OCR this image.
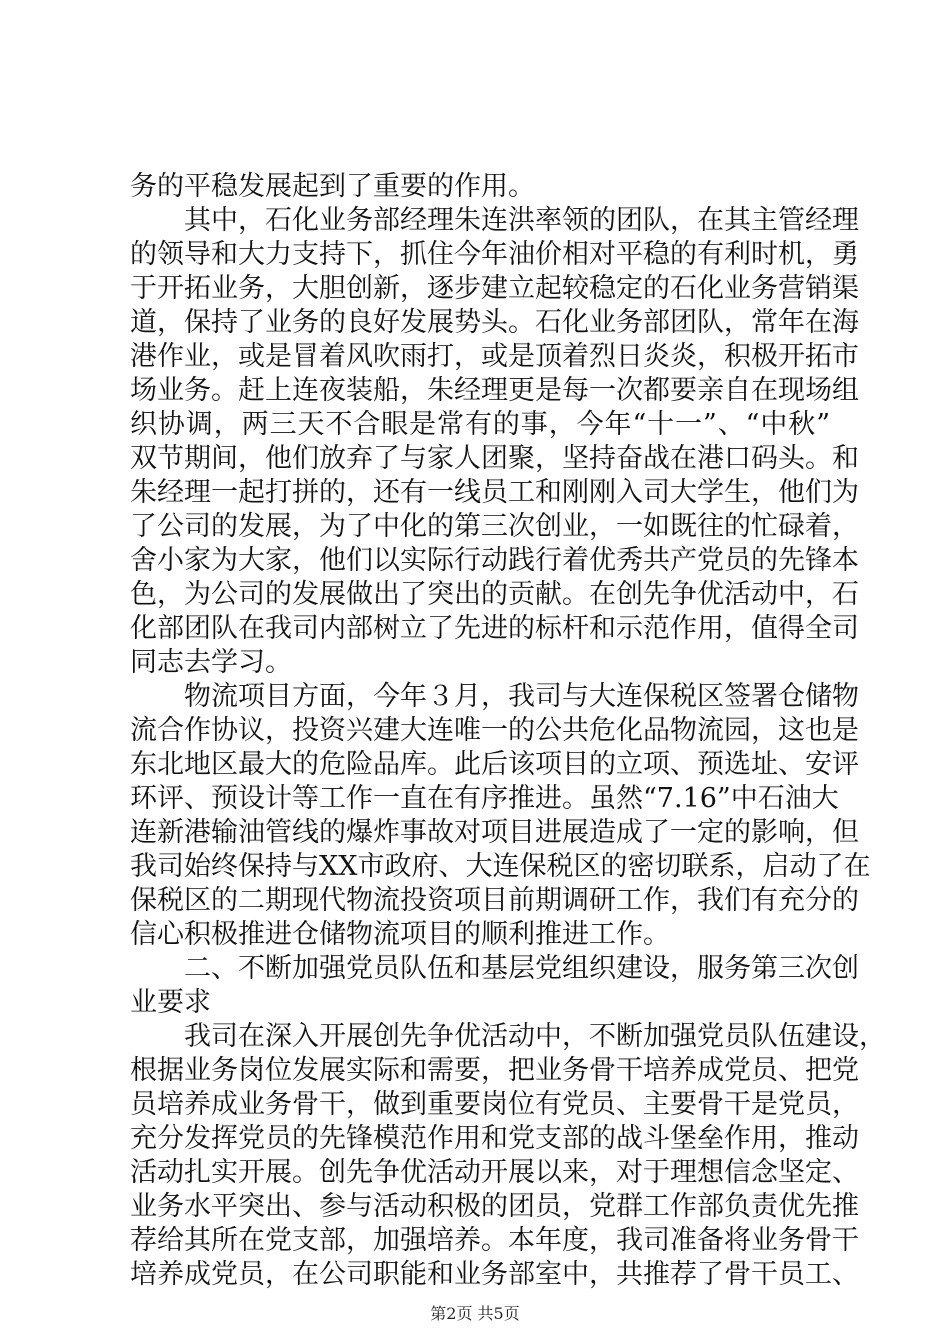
务的平稳发展起到了重要的作用。
　　其中，石化业务部经理朱连洪率领的团队，在其主管经理
的领导和大力支持下，抓住今年油价相对平稳的有利时机，勇
于开拓业务，大胆创新，逐步建立起较稳定的石化业务营销渠
道，保持了业务的良好发展势头。石化业务部团队，常年在海
港作业，或是冒着风吹雨打，或是顶着烈日炎炎，积极开拓市
场业务。赶上连夜装船，朱经理更是每一次都要亲自在现场组
织协调，两三天不合眼是常有的事，今年“十一”、“中秋”
双节期间，他们放弃了与家人团聚，坚持奋战在港口码头。和
朱经理一起打拼的，还有一线员工和刚刚入司大学生，他们为
了公司的发展，为了中化的第三次创业，一如既往的忙碌着，
舍小家为大家，他们以实际行动践行着优秀共产党员的先锋本
色，为公司的发展做出了突出的贡献。在创先争优活动中，石
化部团队在我司内部树立了先进的标杆和示范作用，值得全司
同志去学习。
　　物流项目方面，今年３月，我司与大连保税区签署仓储物
流合作协议，投资兴建大连唯一的公共危化品物流园，这也是
东北地区最大的危险品库。此后该项目的立项、预选址、安评
环评、预设计等工作一直在有序推进。虽然“7.16”中石油大
连新港输油管线的爆炸事故对项目进展造成了一定的影响，但
我司始终保持与XX市政府、大连保税区的密切联系，启动了在
保税区的二期现代物流投资项目前期调研工作，我们有充分的
信心积极推进仓储物流项目的顺利推进工作。
　　二、不断加强党员队伍和基层党组织建设，服务第三次创
业要求
　　我司在深入开展创先争优活动中，不断加强党员队伍建设，
根据业务岗位发展实际和需要，把业务骨干培养成党员、把党
员培养成业务骨干，做到重要岗位有党员、主要骨干是党员，
充分发挥党员的先锋模范作用和党支部的战斗堡垒作用，推动
活动扎实开展。创先争优活动开展以来，对于理想信念坚定、
业务水平突出、参与活动积极的团员，党群工作部负责优先推
荐给其所在党支部，加强培养。本年度，我司准备将业务骨干
培养成党员，在公司职能和业务部室中，共推荐了骨干员工、
第2页 共5页
